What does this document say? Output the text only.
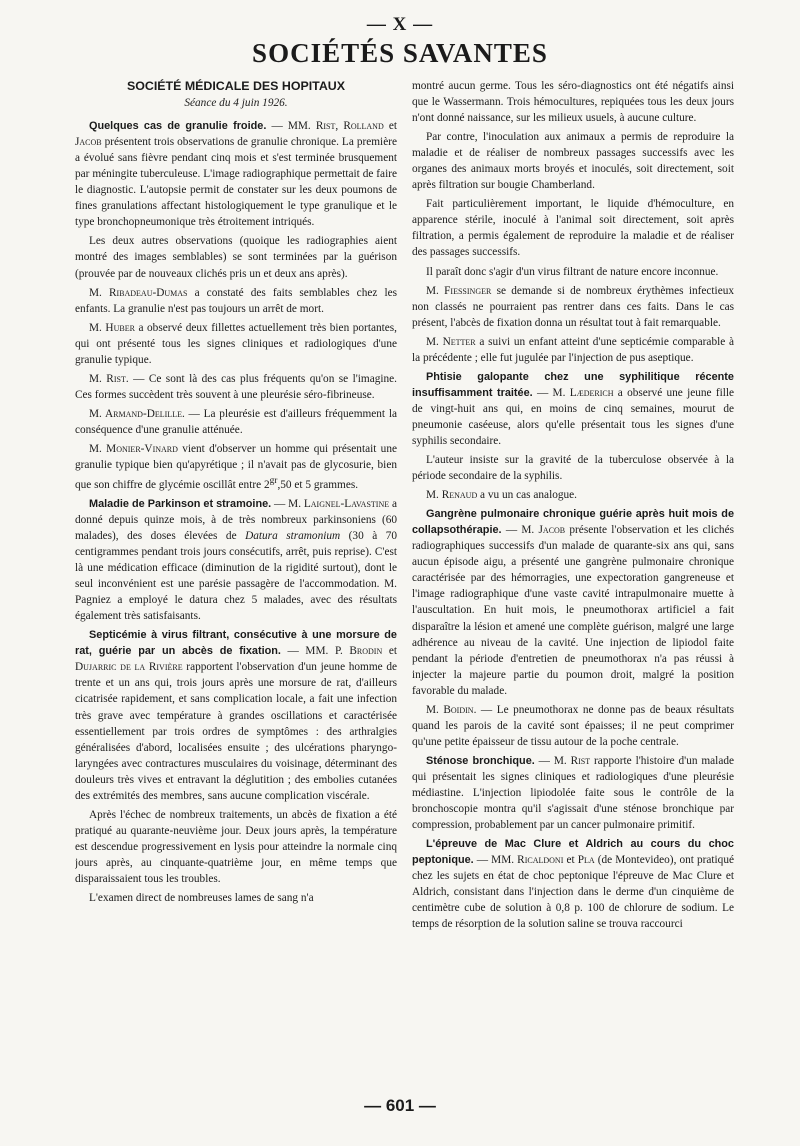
— X —
SOCIÉTÉS SAVANTES
SOCIÉTÉ MÉDICALE DES HOPITAUX
Séance du 4 juin 1926.

Quelques cas de granulie froide. — MM. Rist, Rolland et Jacob présentent trois observations de granulie chronique. La première a évolué sans fièvre pendant cinq mois et s'est terminée brusquement par méningite tuberculeuse. L'image radiographique permettait de faire le diagnostic. L'autopsie permit de constater sur les deux poumons de fines granulations affectant histologiquement le type granulique et le type bronchopneumonique très étroitement intriqués.

Les deux autres observations (quoique les radiographies aient montré des images semblables) se sont terminées par la guérison (prouvée par de nouveaux clichés pris un et deux ans après).

M. Ribadeau-Dumas a constaté des faits semblables chez les enfants. La granulie n'est pas toujours un arrêt de mort.

M. Huber a observé deux fillettes actuellement très bien portantes, qui ont présenté tous les signes cliniques et radiologiques d'une granulie typique.

M. Rist. — Ce sont là des cas plus fréquents qu'on se l'imagine. Ces formes succèdent très souvent à une pleurésie séro-fibrineuse.

M. Armand-Delille. — La pleurésie est d'ailleurs fréquemment la conséquence d'une granulie atténuée.

M. Monier-Vinard vient d'observer un homme qui présentait une granulie typique bien qu'apyrétique ; il n'avait pas de glycosurie, bien que son chiffre de glycémie oscillât entre $2^{gr},50$ et 5 grammes.

Maladie de Parkinson et stramoine. — M. Laignel-Lavastine a donné depuis quinze mois, à de très nombreux parkinsoniens (60 malades), des doses élevées de Datura stramonium (30 à 70 centigrammes pendant trois jours consécutifs, arrêt, puis reprise). C'est là une médication efficace (diminution de la rigidité surtout), dont le seul inconvénient est une parésie passagère de l'accommodation. M. Pagniez a employé le datura chez 5 malades, avec des résultats également très satisfaisants.

Septicémie à virus filtrant, consécutive à une morsure de rat, guérie par un abcès de fixation. — MM. P. Brodin et Dujarric de la Rivière rapportent l'observation d'un jeune homme de trente et un ans qui, trois jours après une morsure de rat, d'ailleurs cicatrisée rapidement, et sans complication locale, a fait une infection très grave avec température à grandes oscillations et caractérisée essentiellement par trois ordres de symptômes : des arthralgies généralisées d'abord, localisées ensuite ; des ulcérations pharyngo-laryngées avec contractures musculaires du voisinage, déterminant des douleurs très vives et entravant la déglutition ; des embolies cutanées des extrémités des membres, sans aucune complication viscérale.

Après l'échec de nombreux traitements, un abcès de fixation a été pratiqué au quarante-neuvième jour. Deux jours après, la température est descendue progressivement en lysis pour atteindre la normale cinq jours après, au cinquante-quatrième jour, en même temps que disparaissaient tous les troubles.

L'examen direct de nombreuses lames de sang n'a

montré aucun germe. Tous les séro-diagnostics ont été négatifs ainsi que le Wassermann. Trois hémocultures, repiquées tous les deux jours n'ont donné naissance, sur les milieux usuels, à aucune culture.

Par contre, l'inoculation aux animaux a permis de reproduire la maladie et de réaliser de nombreux passages successifs avec les organes des animaux morts broyés et inoculés, soit directement, soit après filtration sur bougie Chamberland.

Fait particulièrement important, le liquide d'hémoculture, en apparence stérile, inoculé à l'animal soit directement, soit après filtration, a permis également de reproduire la maladie et de réaliser des passages successifs.

Il paraît donc s'agir d'un virus filtrant de nature encore inconnue.

M. Fiessinger se demande si de nombreux érythèmes infectieux non classés ne pourraient pas rentrer dans ces faits. Dans le cas présent, l'abcès de fixation donna un résultat tout à fait remarquable.

M. Netter a suivi un enfant atteint d'une septicémie comparable à la précédente ; elle fut jugulée par l'injection de pus aseptique.

Phtisie galopante chez une syphilitique récente insuffisamment traitée. — M. Læderich a observé une jeune fille de vingt-huit ans qui, en moins de cinq semaines, mourut de pneumonie caséeuse, alors qu'elle présentait tous les signes d'une syphilis secondaire.

L'auteur insiste sur la gravité de la tuberculose observée à la période secondaire de la syphilis.

M. Renaud a vu un cas analogue.

Gangrène pulmonaire chronique guérie après huit mois de collapsothérapie. — M. Jacob présente l'observation et les clichés radiographiques successifs d'un malade de quarante-six ans qui, sans aucun épisode aigu, a présenté une gangrène pulmonaire chronique caractérisée par des hémorragies, une expectoration gangreneuse et l'image radiographique d'une vaste cavité intrapulmonaire muette à l'auscultation. En huit mois, le pneumothorax artificiel a fait disparaître la lésion et amené une complète guérison, malgré une large adhérence au niveau de la cavité. Une injection de lipiodol faite pendant la période d'entretien de pneumothorax n'a pas réussi à injecter la majeure partie du poumon droit, malgré la position favorable du malade.

M. Boidin. — Le pneumothorax ne donne pas de beaux résultats quand les parois de la cavité sont épaisses; il ne peut comprimer qu'une petite épaisseur de tissu autour de la poche centrale.

Sténose bronchique. — M. Rist rapporte l'histoire d'un malade qui présentait les signes cliniques et radiologiques d'une pleurésie médiastine. L'injection lipiodolée faite sous le contrôle de la bronchoscopie montra qu'il s'agissait d'une sténose bronchique par compression, probablement par un cancer pulmonaire primitif.

L'épreuve de Mac Clure et Aldrich au cours du choc peptonique. — MM. Ricaldoni et Pla (de Montevideo), ont pratiqué chez les sujets en état de choc peptonique l'épreuve de Mac Clure et Aldrich, consistant dans l'injection dans le derme d'un cinquième de centimètre cube de solution à 0,8 p. 100 de chlorure de sodium. Le temps de résorption de la solution saline se trouva raccourci

— 601 —
